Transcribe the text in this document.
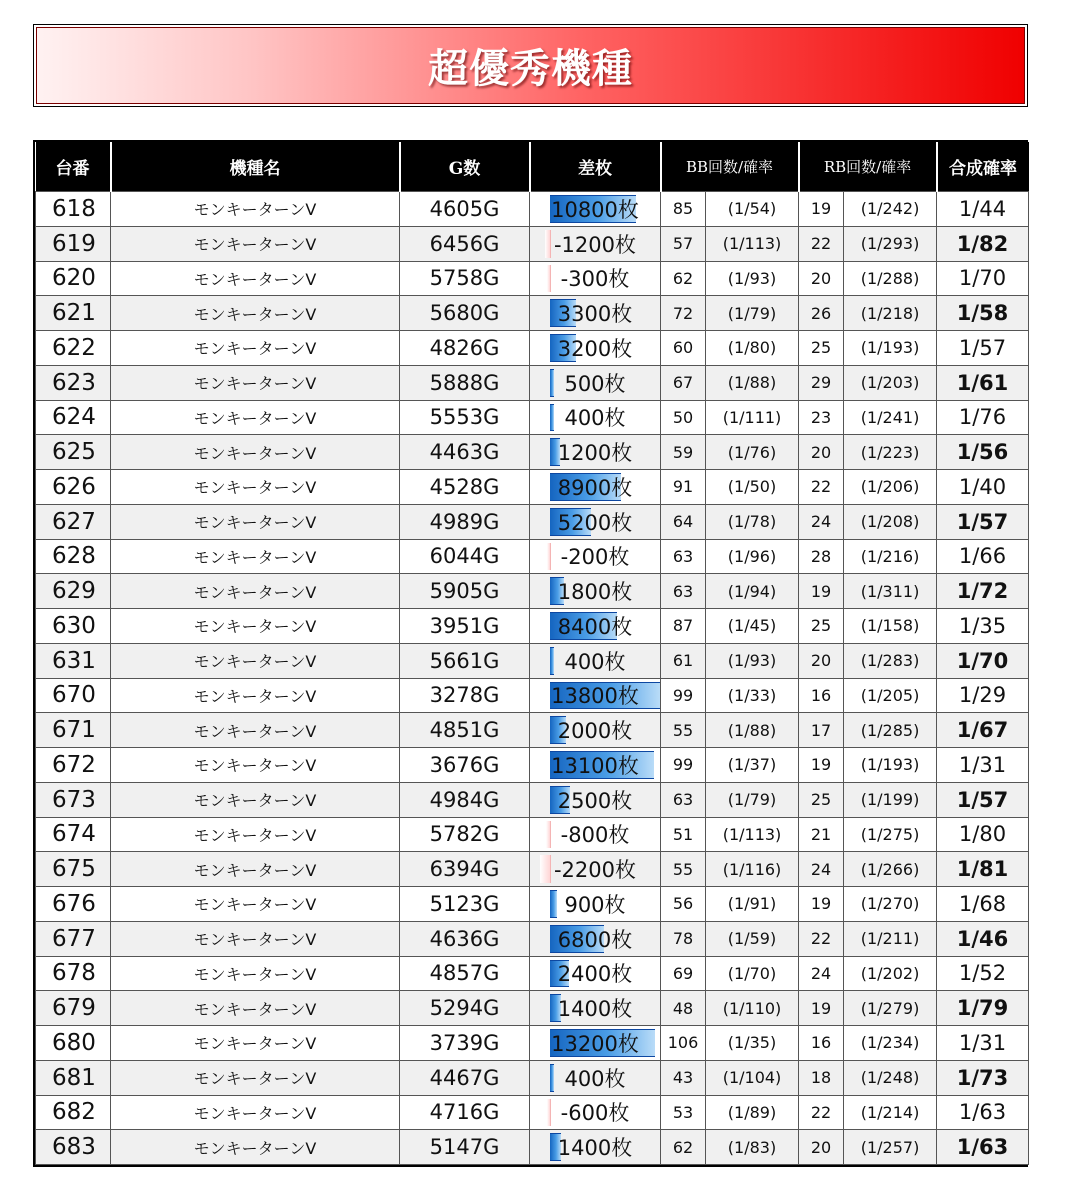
超優秀機種
台番	機種名	G数	差枚	BB回数/確率		RB回数/確率		合成確率
618	モンキーターンV	4605G	10800枚	85	(1/54)	19	(1/242)	1/44
619	モンキーターンV	6456G	-1200枚	57	(1/113)	22	(1/293)	1/82
620	モンキーターンV	5758G	-300枚	62	(1/93)	20	(1/288)	1/70
621	モンキーターンV	5680G	3300枚	72	(1/79)	26	(1/218)	1/58
622	モンキーターンV	4826G	3200枚	60	(1/80)	25	(1/193)	1/57
623	モンキーターンV	5888G	500枚	67	(1/88)	29	(1/203)	1/61
624	モンキーターンV	5553G	400枚	50	(1/111)	23	(1/241)	1/76
625	モンキーターンV	4463G	1200枚	59	(1/76)	20	(1/223)	1/56
626	モンキーターンV	4528G	8900枚	91	(1/50)	22	(1/206)	1/40
627	モンキーターンV	4989G	5200枚	64	(1/78)	24	(1/208)	1/57
628	モンキーターンV	6044G	-200枚	63	(1/96)	28	(1/216)	1/66
629	モンキーターンV	5905G	1800枚	63	(1/94)	19	(1/311)	1/72
630	モンキーターンV	3951G	8400枚	87	(1/45)	25	(1/158)	1/35
631	モンキーターンV	5661G	400枚	61	(1/93)	20	(1/283)	1/70
670	モンキーターンV	3278G	13800枚	99	(1/33)	16	(1/205)	1/29
671	モンキーターンV	4851G	2000枚	55	(1/88)	17	(1/285)	1/67
672	モンキーターンV	3676G	13100枚	99	(1/37)	19	(1/193)	1/31
673	モンキーターンV	4984G	2500枚	63	(1/79)	25	(1/199)	1/57
674	モンキーターンV	5782G	-800枚	51	(1/113)	21	(1/275)	1/80
675	モンキーターンV	6394G	-2200枚	55	(1/116)	24	(1/266)	1/81
676	モンキーターンV	5123G	900枚	56	(1/91)	19	(1/270)	1/68
677	モンキーターンV	4636G	6800枚	78	(1/59)	22	(1/211)	1/46
678	モンキーターンV	4857G	2400枚	69	(1/70)	24	(1/202)	1/52
679	モンキーターンV	5294G	1400枚	48	(1/110)	19	(1/279)	1/79
680	モンキーターンV	3739G	13200枚	106	(1/35)	16	(1/234)	1/31
681	モンキーターンV	4467G	400枚	43	(1/104)	18	(1/248)	1/73
682	モンキーターンV	4716G	-600枚	53	(1/89)	22	(1/214)	1/63
683	モンキーターンV	5147G	1400枚	62	(1/83)	20	(1/257)	1/63
